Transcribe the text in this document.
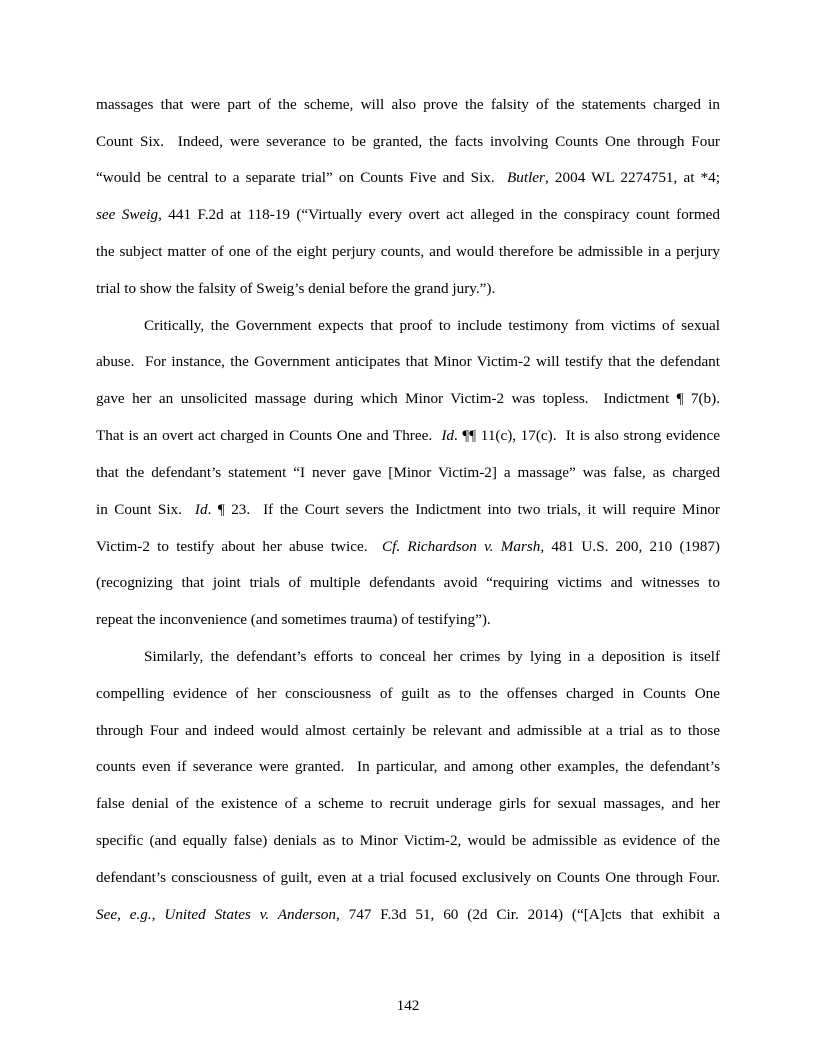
massages that were part of the scheme, will also prove the falsity of the statements charged in
Count Six.  Indeed, were severance to be granted, the facts involving Counts One through Four
“would be central to a separate trial” on Counts Five and Six.  Butler, 2004 WL 2274751, at *4;
see Sweig, 441 F.2d at 118-19 (“Virtually every overt act alleged in the conspiracy count formed
the subject matter of one of the eight perjury counts, and would therefore be admissible in a perjury
trial to show the falsity of Sweig’s denial before the grand jury.”).
Critically, the Government expects that proof to include testimony from victims of sexual
abuse.  For instance, the Government anticipates that Minor Victim-2 will testify that the defendant
gave her an unsolicited massage during which Minor Victim-2 was topless.  Indictment ¶ 7(b).
That is an overt act charged in Counts One and Three.  Id. ¶¶ 11(c), 17(c).  It is also strong evidence
that the defendant’s statement “I never gave [Minor Victim-2] a massage” was false, as charged
in Count Six.  Id. ¶ 23.  If the Court severs the Indictment into two trials, it will require Minor
Victim-2 to testify about her abuse twice.  Cf. Richardson v. Marsh, 481 U.S. 200, 210 (1987)
(recognizing that joint trials of multiple defendants avoid “requiring victims and witnesses to
repeat the inconvenience (and sometimes trauma) of testifying”).
Similarly, the defendant’s efforts to conceal her crimes by lying in a deposition is itself
compelling evidence of her consciousness of guilt as to the offenses charged in Counts One
through Four and indeed would almost certainly be relevant and admissible at a trial as to those
counts even if severance were granted.  In particular, and among other examples, the defendant’s
false denial of the existence of a scheme to recruit underage girls for sexual massages, and her
specific (and equally false) denials as to Minor Victim-2, would be admissible as evidence of the
defendant’s consciousness of guilt, even at a trial focused exclusively on Counts One through Four.
See, e.g., United States v. Anderson, 747 F.3d 51, 60 (2d Cir. 2014) (“[A]cts that exhibit a
142
